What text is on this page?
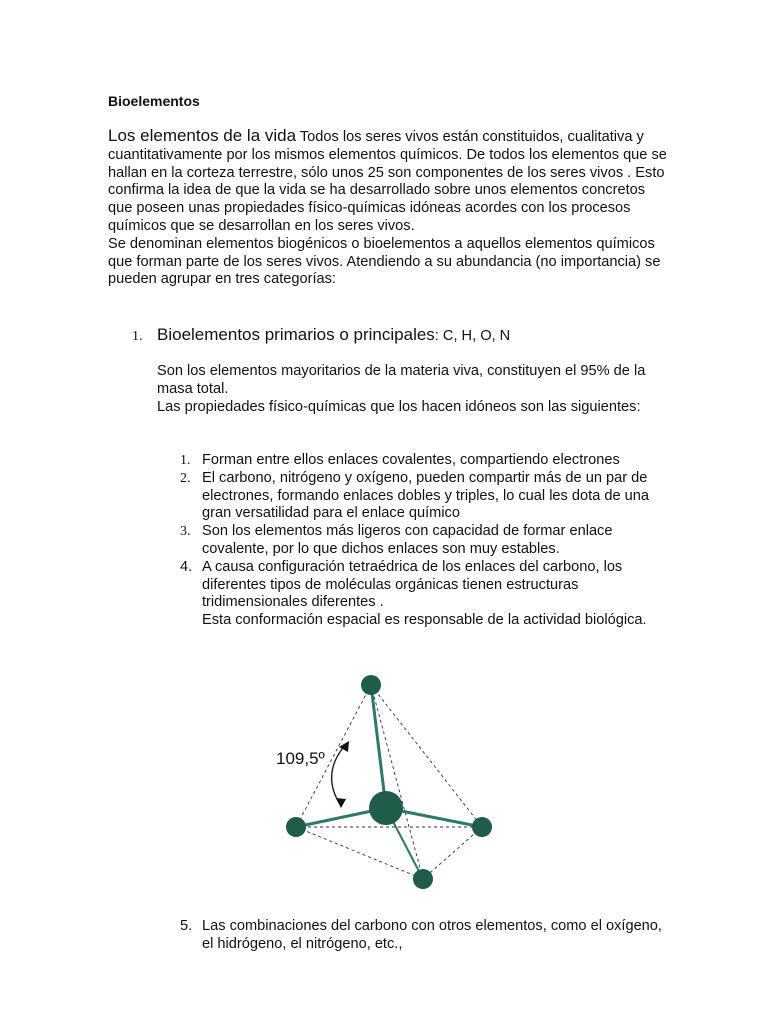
Bioelementos

Los elementos de la vida Todos los seres vivos están constituidos, cualitativa y cuantitativamente por los mismos elementos químicos. De todos los elementos que se hallan en la corteza terrestre, sólo unos 25 son componentes de los seres vivos . Esto confirma la idea de que la vida se ha desarrollado sobre unos elementos concretos que poseen unas propiedades físico-químicas idóneas acordes con los procesos químicos que se desarrollan en los seres vivos.

Se denominan elementos biogénicos o bioelementos a aquellos elementos químicos que forman parte de los seres vivos. Atendiendo a su abundancia (no importancia) se pueden agrupar en tres categorías:

1. Bioelementos primarios o principales: C, H, O, N

Son los elementos mayoritarios de la materia viva, constituyen el 95% de la masa total.

Las propiedades físico-químicas que los hacen idóneos son las siguientes:

1. Forman entre ellos enlaces covalentes, compartiendo electrones
2. El carbono, nitrógeno y oxígeno, pueden compartir más de un par de electrones, formando enlaces dobles y triples, lo cual les dota de una gran versatilidad para el enlace químico
3. Son los elementos más ligeros con capacidad de formar enlace covalente, por lo que dichos enlaces son muy estables.
4. A causa configuración tetraédrica de los enlaces del carbono, los diferentes tipos de moléculas orgánicas tienen estructuras tridimensionales diferentes .
Esta conformación espacial es responsable de la actividad biológica.

109,5º

5. Las combinaciones del carbono con otros elementos, como el oxígeno, el hidrógeno, el nitrógeno, etc.,
